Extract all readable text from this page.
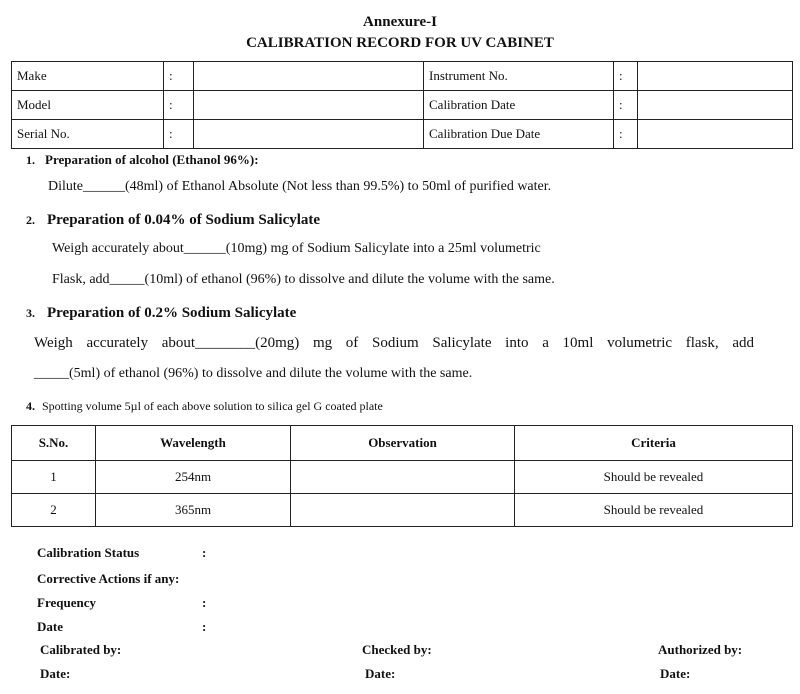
Annexure-I
CALIBRATION RECORD FOR UV CABINET
Make	:		Instrument No.	:	
Model	:		Calibration Date	:	
Serial No.	:		Calibration Due Date	:	
1. Preparation of alcohol (Ethanol 96%):
Dilute______(48ml) of Ethanol Absolute (Not less than 99.5%) to 50ml of purified water.
2. Preparation of 0.04% of Sodium Salicylate
Weigh accurately about______(10mg) mg of Sodium Salicylate into a 25ml volumetric
Flask, add_____(10ml) of ethanol (96%) to dissolve and dilute the volume with the same.
3. Preparation of 0.2% Sodium Salicylate
Weigh accurately about________(20mg) mg of Sodium Salicylate into a 10ml volumetric flask, add
_____(5ml) of ethanol (96%) to dissolve and dilute the volume with the same.
4. Spotting volume 5µl of each above solution to silica gel G coated plate
S.No.	Wavelength	Observation	Criteria
1	254nm		Should be revealed
2	365nm		Should be revealed
Calibration Status	:
Corrective Actions if any:
Frequency	:
Date	:
Calibrated by:	Checked by:	Authorized by:
Date:	Date:	Date:
